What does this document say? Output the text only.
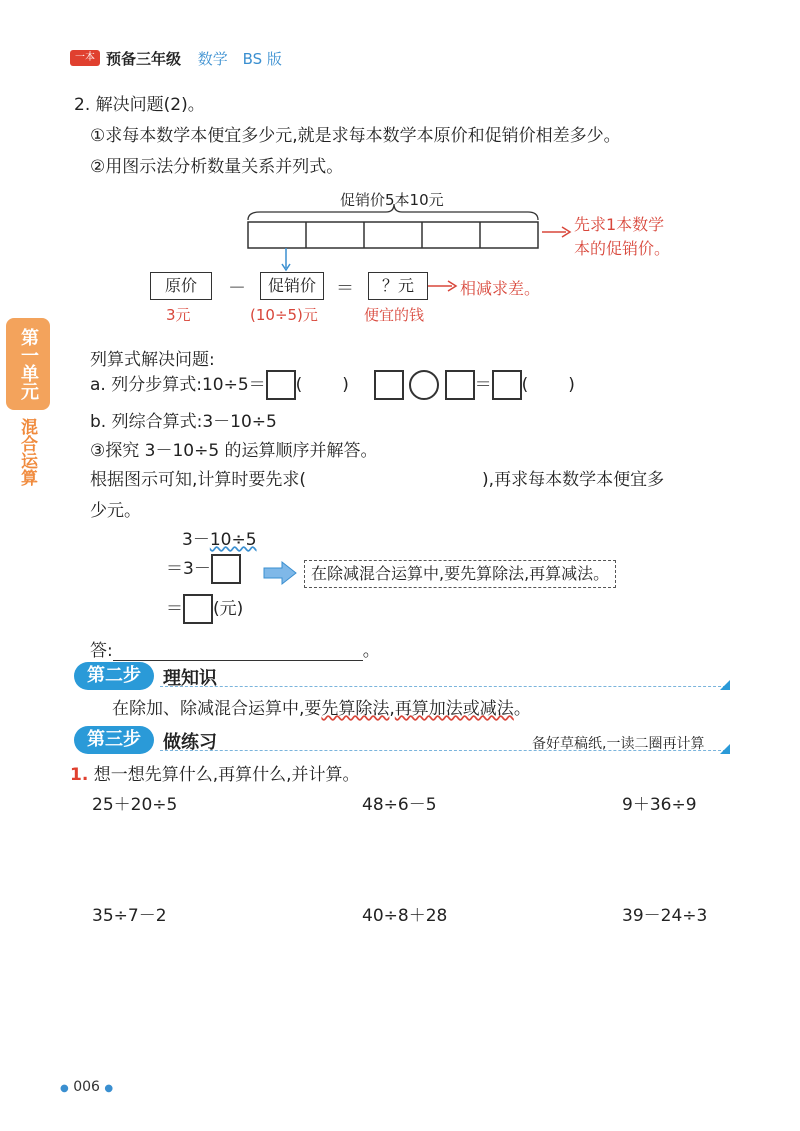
一本 预备三年级 数学 BS 版
第一单元
混合运算
2. 解决问题(2)。
①求每本数学本便宜多少元,就是求每本数学本原价和促销价相差多少。
②用图示法分析数量关系并列式。
促销价5本10元
先求1本数学
本的促销价。
原价	－	促销价	＝	？元	相减求差。
3元	(10÷5)元	便宜的钱
列算式解决问题:
a. 列分步算式:10÷5＝ ( )	＝ ( )
b. 列综合算式:3－10÷5
③探究 3－10÷5 的运算顺序并解答。
根据图示可知,计算时要先求(	),再求每本数学本便宜多
少元。
3－10÷5
＝3－	在除减混合运算中,要先算除法,再算减法。
＝ (元)
答:	。
第二步	理知识
在除加、除减混合运算中,要先算除法,再算加法或减法。
第三步	做练习	备好草稿纸,一读二圈再计算
1. 想一想先算什么,再算什么,并计算。
25＋20÷5	48÷6－5	9＋36÷9
35÷7－2	40÷8＋28	39－24÷3
● 006 ●
